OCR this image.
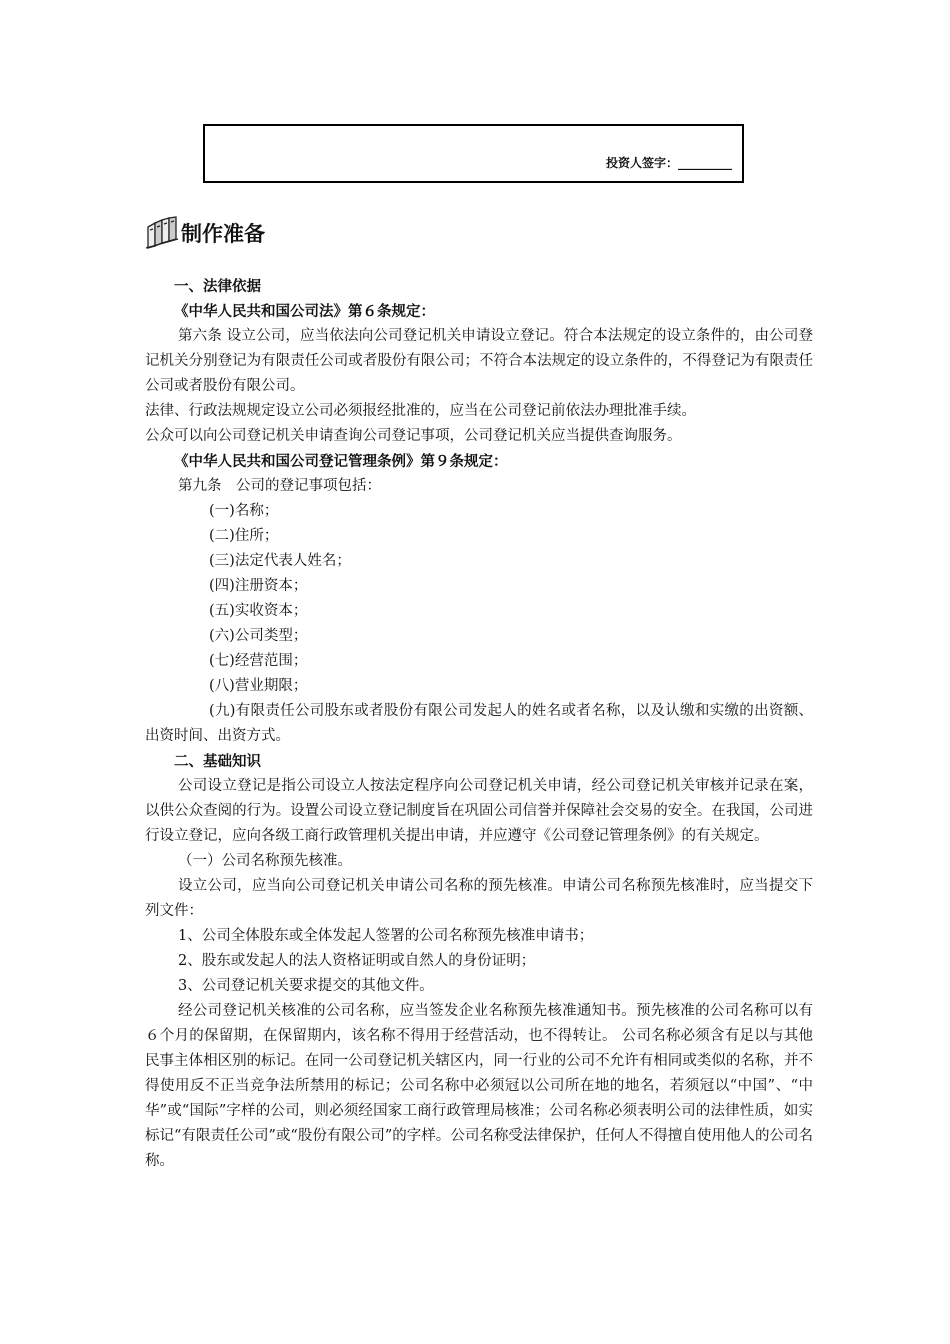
投资人签字：_________
制作准备
一、法律依据
《中华人民共和国公司法》第６条规定：
第六条 设立公司，应当依法向公司登记机关申请设立登记。符合本法规定的设立条件的，由公司登记机关分别登记为有限责任公司或者股份有限公司；不符合本法规定的设立条件的，不得登记为有限责任公司或者股份有限公司。
法律、行政法规规定设立公司必须报经批准的，应当在公司登记前依法办理批准手续。
公众可以向公司登记机关申请查询公司登记事项，公司登记机关应当提供查询服务。
《中华人民共和国公司登记管理条例》第９条规定：
第九条　公司的登记事项包括：
(一)名称；
(二)住所；
(三)法定代表人姓名；
(四)注册资本；
(五)实收资本；
(六)公司类型；
(七)经营范围；
(八)营业期限；
(九)有限责任公司股东或者股份有限公司发起人的姓名或者名称，以及认缴和实缴的出资额、出资时间、出资方式。
二、基础知识
公司设立登记是指公司设立人按法定程序向公司登记机关申请，经公司登记机关审核并记录在案，以供公众查阅的行为。设置公司设立登记制度旨在巩固公司信誉并保障社会交易的安全。在我国，公司进行设立登记，应向各级工商行政管理机关提出申请，并应遵守《公司登记管理条例》的有关规定。
（一）公司名称预先核准。
设立公司，应当向公司登记机关申请公司名称的预先核准。申请公司名称预先核准时，应当提交下列文件：
1、公司全体股东或全体发起人签署的公司名称预先核准申请书；
2、股东或发起人的法人资格证明或自然人的身份证明；
3、公司登记机关要求提交的其他文件。
经公司登记机关核准的公司名称，应当签发企业名称预先核准通知书。预先核准的公司名称可以有６个月的保留期，在保留期内，该名称不得用于经营活动，也不得转让。 公司名称必须含有足以与其他民事主体相区别的标记。在同一公司登记机关辖区内，同一行业的公司不允许有相同或类似的名称，并不得使用反不正当竞争法所禁用的标记；公司名称中必须冠以公司所在地的地名，若须冠以“中国”、“中华”或“国际”字样的公司，则必须经国家工商行政管理局核准；公司名称必须表明公司的法律性质，如实标记“有限责任公司”或“股份有限公司”的字样。公司名称受法律保护，任何人不得擅自使用他人的公司名称。
